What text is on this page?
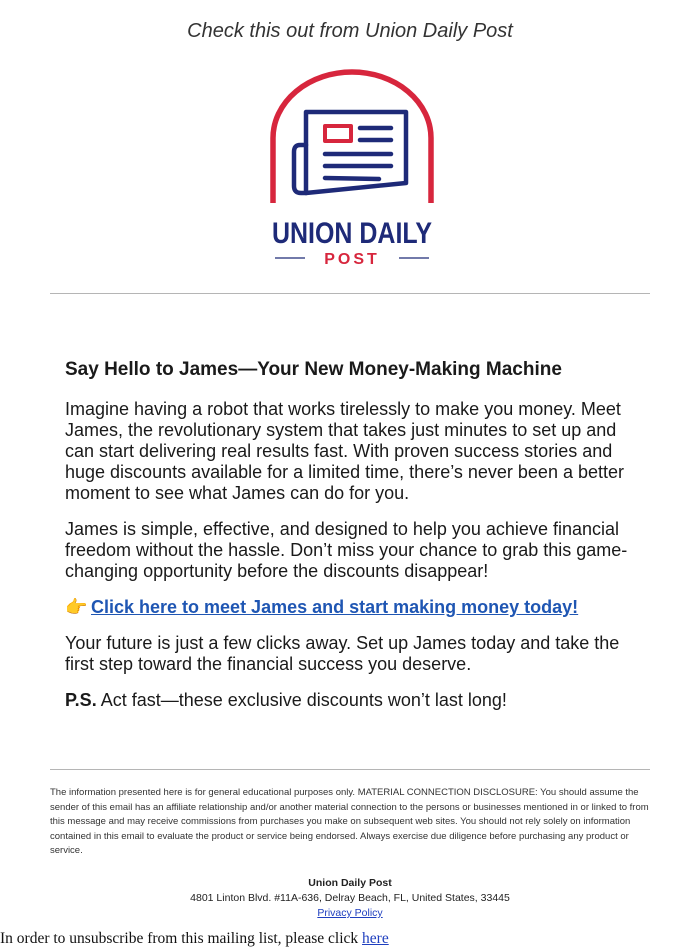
Check this out from Union Daily Post
UNION DAILY
POST
Say Hello to James—Your New Money-Making Machine

Imagine having a robot that works tirelessly to make you money. Meet James, the revolutionary system that takes just minutes to set up and can start delivering real results fast. With proven success stories and huge discounts available for a limited time, there’s never been a better moment to see what James can do for you.

James is simple, effective, and designed to help you achieve financial freedom without the hassle. Don’t miss your chance to grab this game-changing opportunity before the discounts disappear!

👉 Click here to meet James and start making money today!

Your future is just a few clicks away. Set up James today and take the first step toward the financial success you deserve.

P.S. Act fast—these exclusive discounts won’t last long!

The information presented here is for general educational purposes only. MATERIAL CONNECTION DISCLOSURE: You should assume the sender of this email has an affiliate relationship and/or another material connection to the persons or businesses mentioned in or linked to from this message and may receive commissions from purchases you make on subsequent web sites. You should not rely solely on information contained in this email to evaluate the product or service being endorsed. Always exercise due diligence before purchasing any product or service.
Union Daily Post
4801 Linton Blvd. #11A-636, Delray Beach, FL, United States, 33445
Privacy Policy
In order to unsubscribe from this mailing list, please click here
